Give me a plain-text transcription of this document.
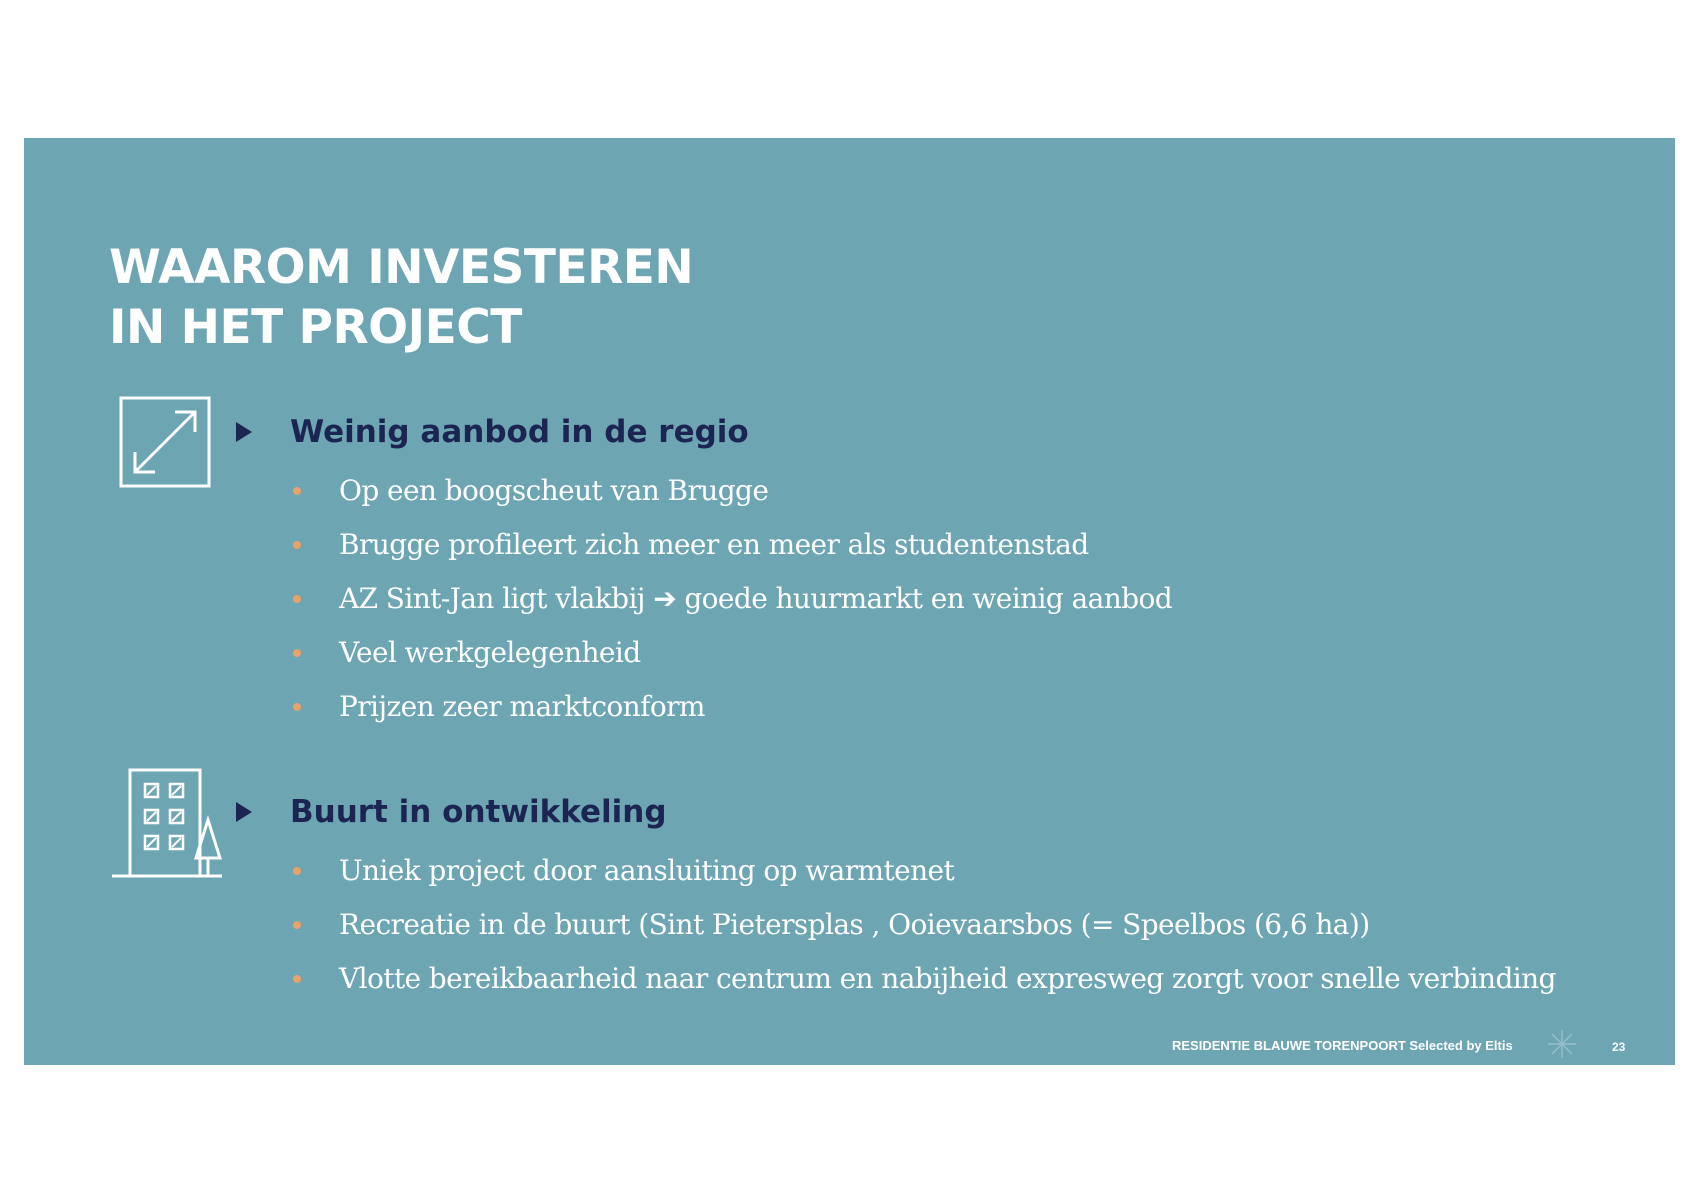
WAAROM INVESTEREN
IN HET PROJECT
Weinig aanbod in de regio
Op een boogscheut van Brugge
Brugge profileert zich meer en meer als studentenstad
AZ Sint-Jan ligt vlakbij ➔ goede huurmarkt en weinig aanbod
Veel werkgelegenheid
Prijzen zeer marktconform
Buurt in ontwikkeling
Uniek project door aansluiting op warmtenet
Recreatie in de buurt (Sint Pietersplas , Ooievaarsbos (= Speelbos (6,6 ha))
Vlotte bereikbaarheid naar centrum en nabijheid expresweg zorgt voor snelle verbinding
RESIDENTIE BLAUWE TORENPOORT Selected by Eltis	23
